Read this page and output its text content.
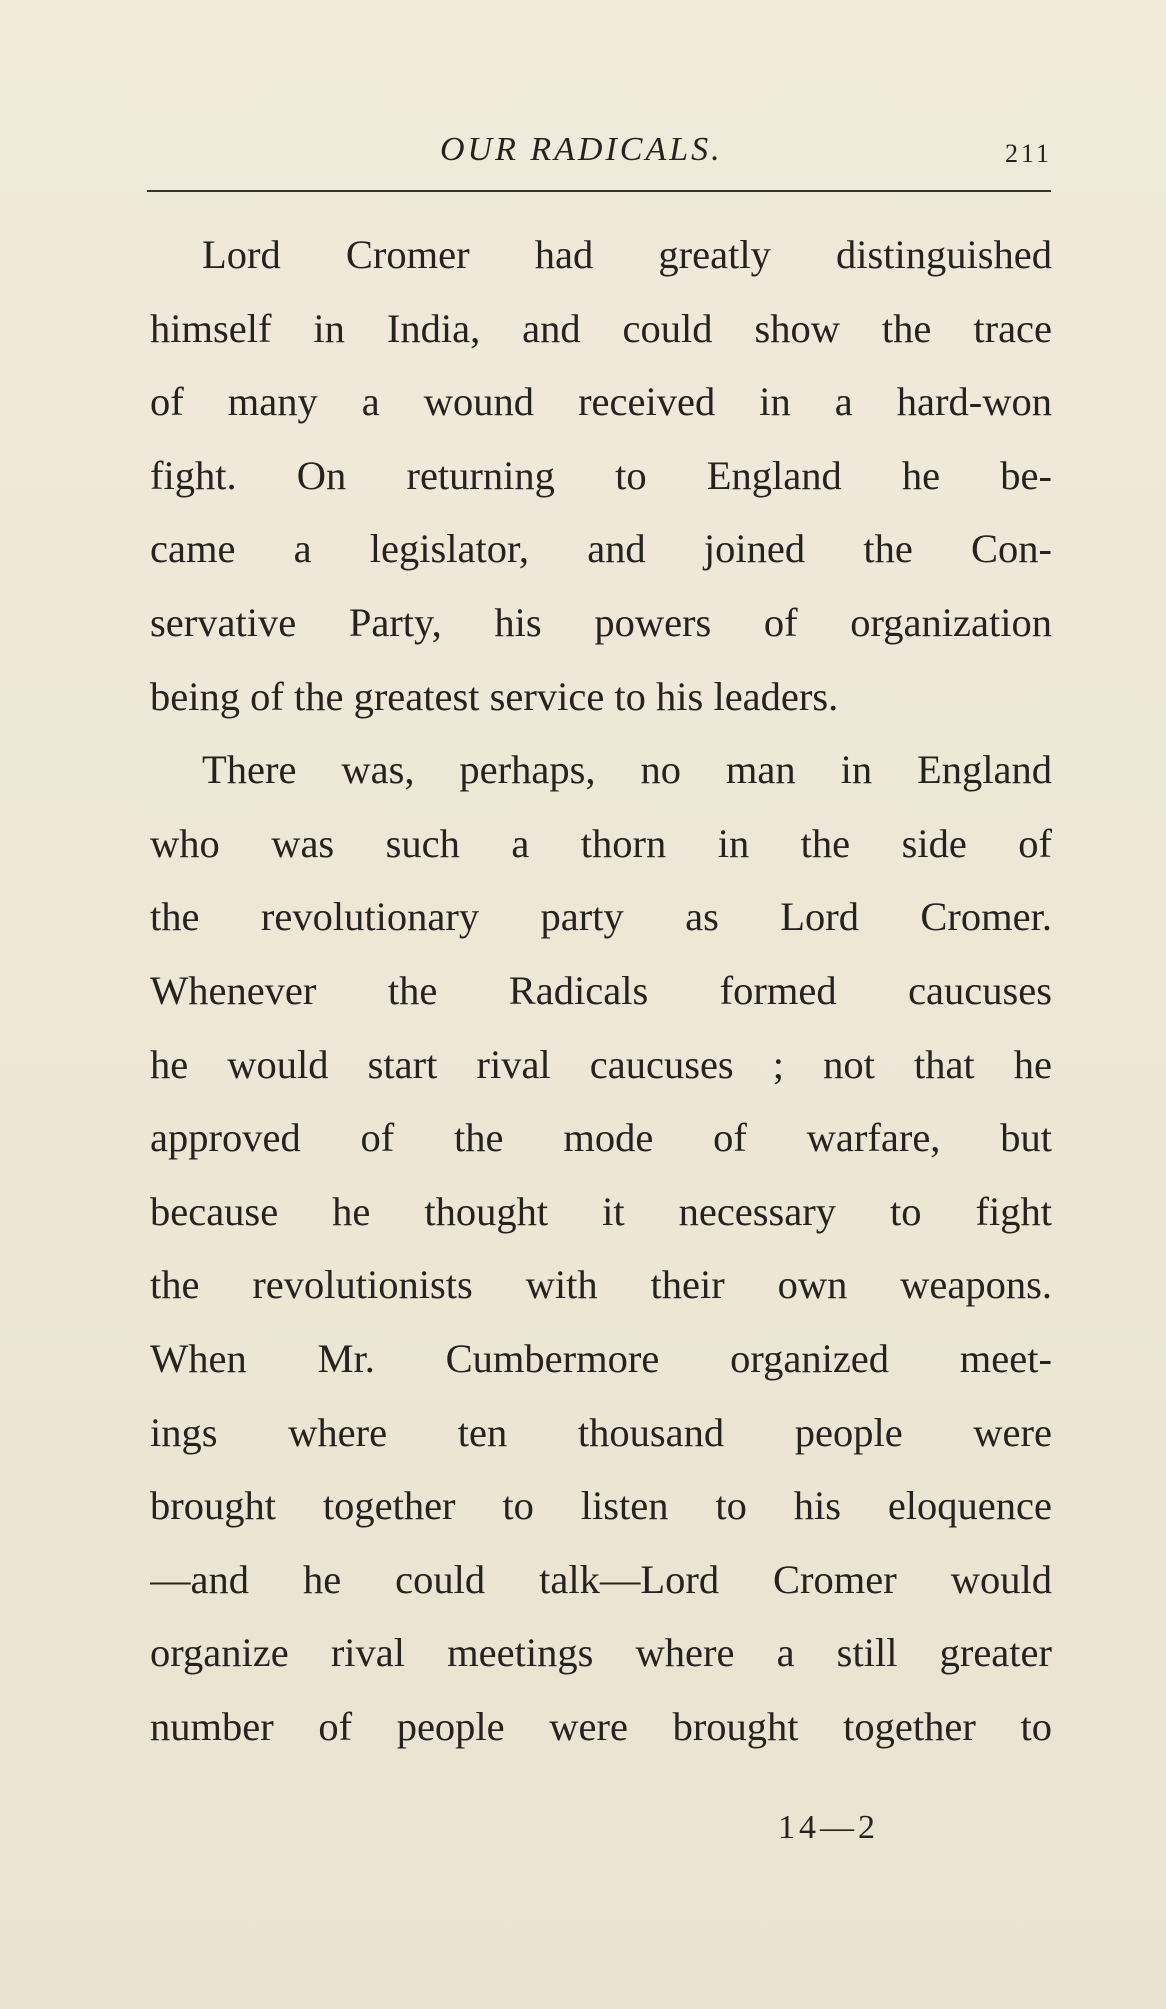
OUR RADICALS.	211
Lord Cromer had greatly distinguished
himself in India, and could show the trace
of many a wound received in a hard-won
fight. On returning to England he be-
came a legislator, and joined the Con-
servative Party, his powers of organization
being of the greatest service to his leaders.
There was, perhaps, no man in England
who was such a thorn in the side of
the revolutionary party as Lord Cromer.
Whenever the Radicals formed caucuses
he would start rival caucuses ; not that he
approved of the mode of warfare, but
because he thought it necessary to fight
the revolutionists with their own weapons.
When Mr. Cumbermore organized meet-
ings where ten thousand people were
brought together to listen to his eloquence
—and he could talk—Lord Cromer would
organize rival meetings where a still greater
number of people were brought together to
14—2
